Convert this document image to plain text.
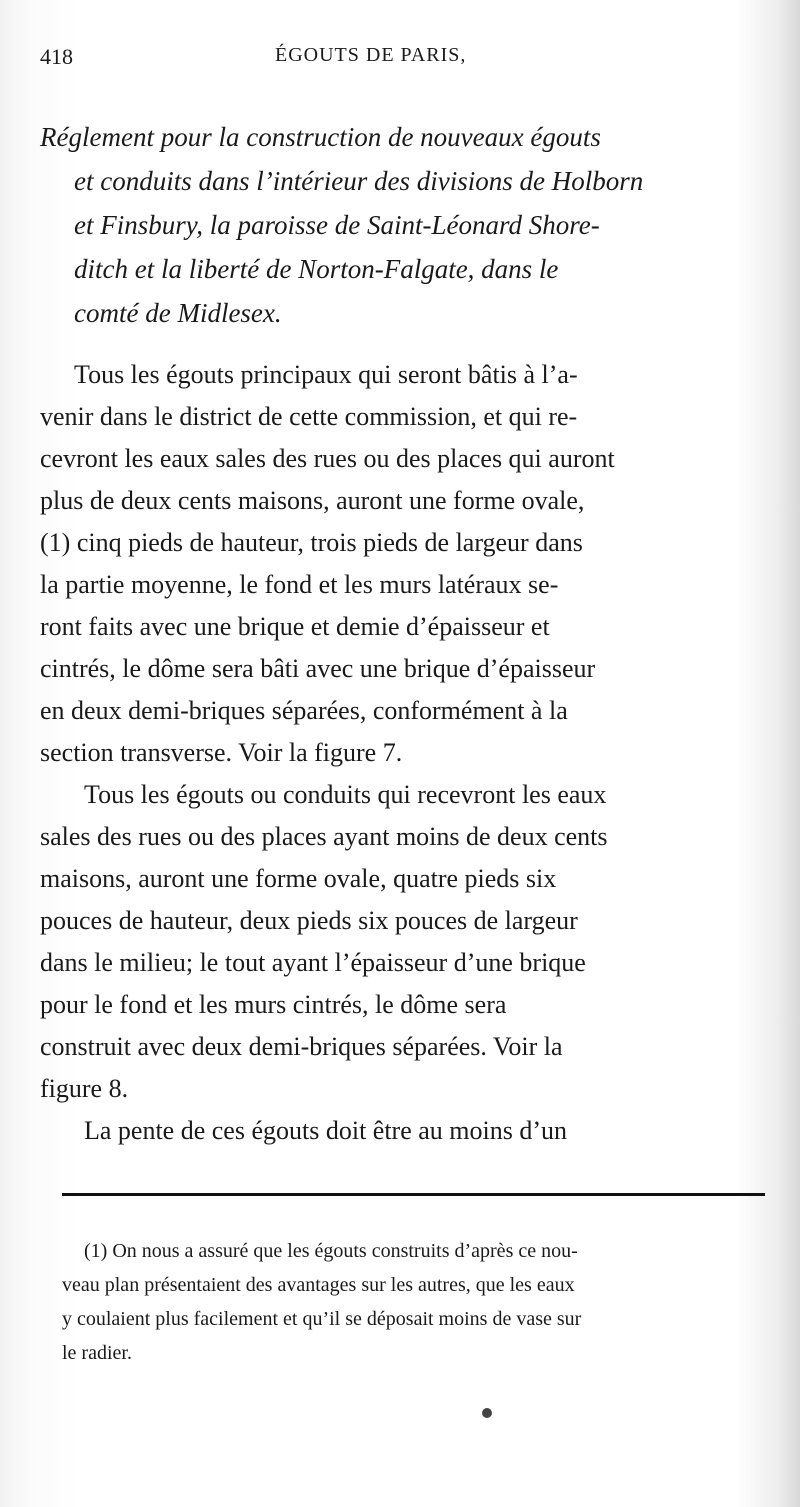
418	ÉGOUTS DE PARIS,
Réglement pour la construction de nouveaux égouts
et conduits dans l’intérieur des divisions de Holborn
et Finsbury, la paroisse de Saint-Léonard Shore-
ditch et la liberté de Norton-Falgate, dans le
comté de Midlesex.
Tous les égouts principaux qui seront bâtis à l’a-
venir dans le district de cette commission, et qui re-
cevront les eaux sales des rues ou des places qui auront
plus de deux cents maisons, auront une forme ovale,
(1) cinq pieds de hauteur, trois pieds de largeur dans
la partie moyenne, le fond et les murs latéraux se-
ront faits avec une brique et demie d’épaisseur et
cintrés, le dôme sera bâti avec une brique d’épaisseur
en deux demi-briques séparées, conformément à la
section transverse. Voir la figure 7.
Tous les égouts ou conduits qui recevront les eaux
sales des rues ou des places ayant moins de deux cents
maisons, auront une forme ovale, quatre pieds six
pouces de hauteur, deux pieds six pouces de largeur
dans le milieu; le tout ayant l’épaisseur d’une brique
pour le fond et les murs cintrés, le dôme sera
construit avec deux demi-briques séparées. Voir la
figure 8.
La pente de ces égouts doit être au moins d’un
(1) On nous a assuré que les égouts construits d’après ce nou-
veau plan présentaient des avantages sur les autres, que les eaux
y coulaient plus facilement et qu’il se déposait moins de vase sur
le radier.
